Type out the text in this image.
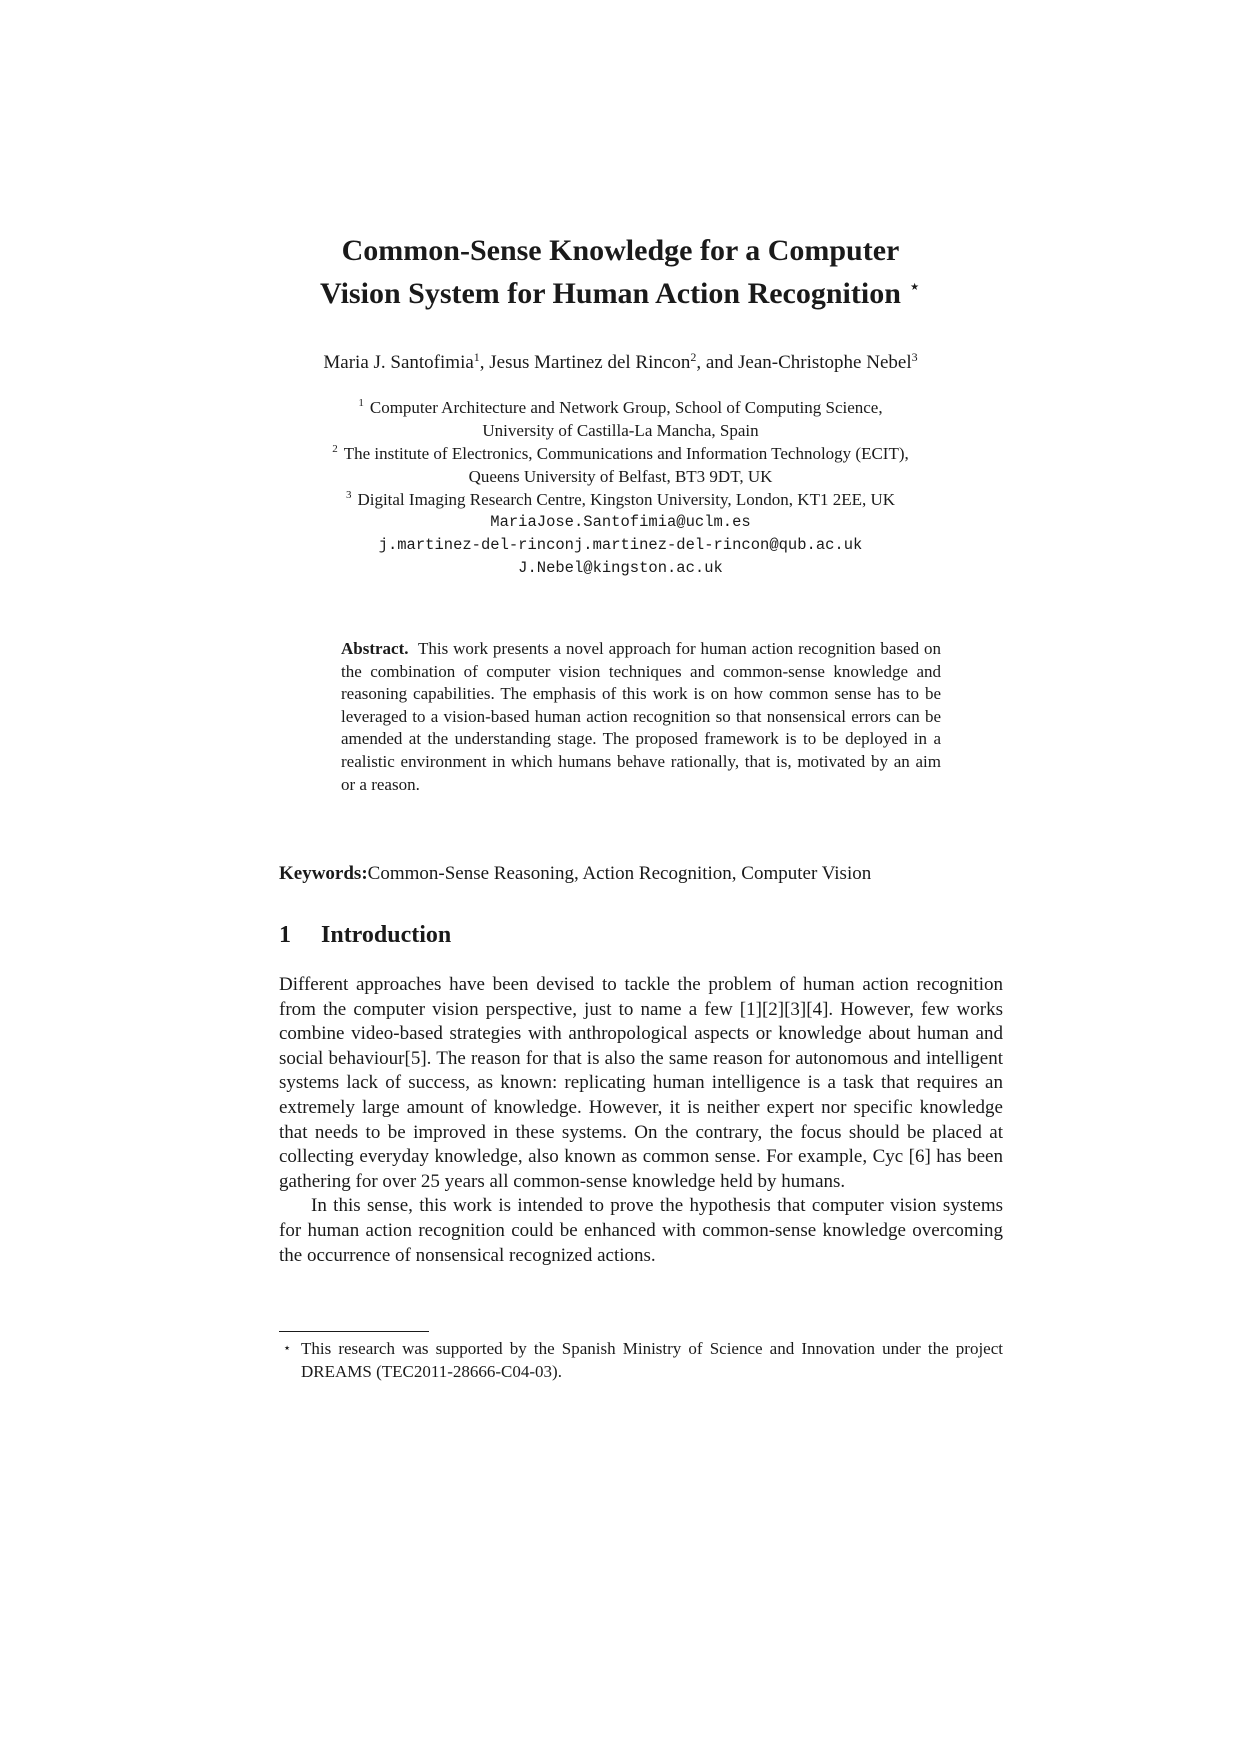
Common-Sense Knowledge for a Computer
Vision System for Human Action Recognition ⋆
Maria J. Santofimia$^1$, Jesus Martinez del Rincon$^2$, and Jean-Christophe Nebel$^3$
$^1$ Computer Architecture and Network Group, School of Computing Science,
University of Castilla-La Mancha, Spain
$^2$ The institute of Electronics, Communications and Information Technology (ECIT),
Queens University of Belfast, BT3 9DT, UK
$^3$ Digital Imaging Research Centre, Kingston University, London, KT1 2EE, UK
MariaJose.Santofimia@uclm.es
j.martinez-del-rinconj.martinez-del-rincon@qub.ac.uk
J.Nebel@kingston.ac.uk

Abstract. This work presents a novel approach for human action recognition based on the combination of computer vision techniques and common-sense knowledge and reasoning capabilities. The emphasis of this work is on how common sense has to be leveraged to a vision-based human action recognition so that nonsensical errors can be amended at the understanding stage. The proposed framework is to be deployed in a realistic environment in which humans behave rationally, that is, motivated by an aim or a reason.

Keywords:Common-Sense Reasoning, Action Recognition, Computer Vision

1 Introduction

Different approaches have been devised to tackle the problem of human action recognition from the computer vision perspective, just to name a few [1][2][3][4]. However, few works combine video-based strategies with anthropological aspects or knowledge about human and social behaviour[5]. The reason for that is also the same reason for autonomous and intelligent systems lack of success, as known: replicating human intelligence is a task that requires an extremely large amount of knowledge. However, it is neither expert nor specific knowledge that needs to be improved in these systems. On the contrary, the focus should be placed at collecting everyday knowledge, also known as common sense. For example, Cyc [6] has been gathering for over 25 years all common-sense knowledge held by humans.

In this sense, this work is intended to prove the hypothesis that computer vision systems for human action recognition could be enhanced with common-sense knowledge overcoming the occurrence of nonsensical recognized actions.

⋆ This research was supported by the Spanish Ministry of Science and Innovation under the project DREAMS (TEC2011-28666-C04-03).
